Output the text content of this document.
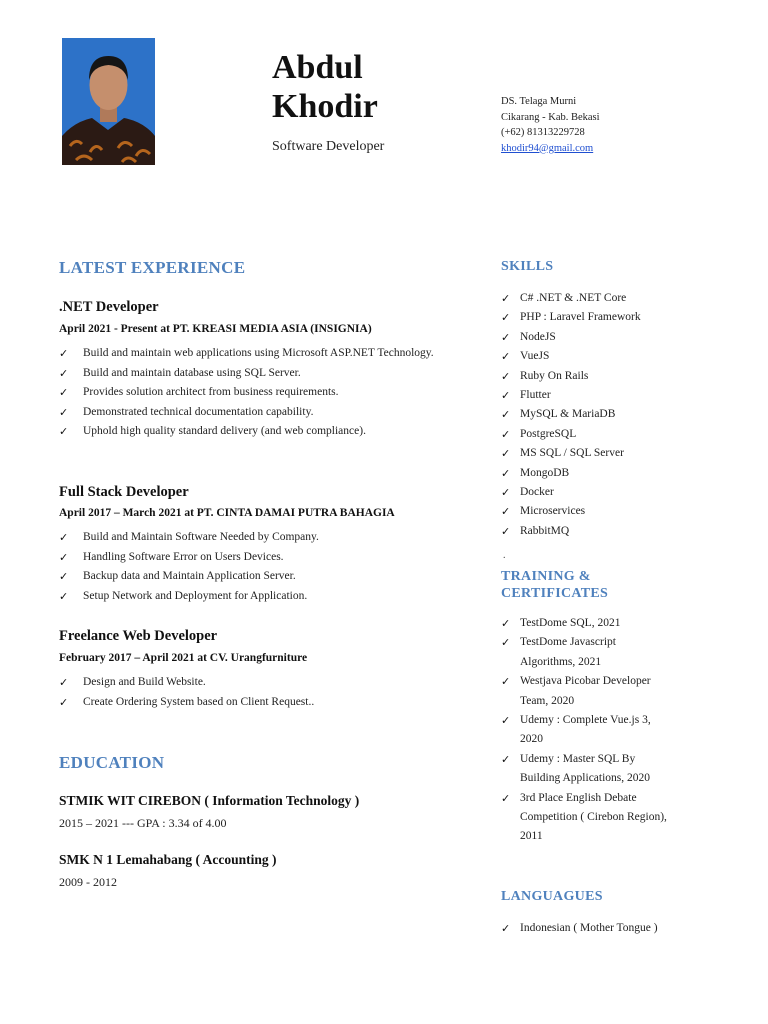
Abdul
Khodir
Software Developer
DS. Telaga Murni
Cikarang - Kab. Bekasi
(+62) 81313229728
khodir94@gmail.com
LATEST EXPERIENCE
.NET Developer
April 2021 - Present at PT. KREASI MEDIA ASIA (INSIGNIA)
✓ Build and maintain web applications using Microsoft ASP.NET Technology.
✓ Build and maintain database using SQL Server.
✓ Provides solution architect from business requirements.
✓ Demonstrated technical documentation capability.
✓ Uphold high quality standard delivery (and web compliance).
Full Stack Developer
April 2017 – March 2021 at PT. CINTA DAMAI PUTRA BAHAGIA
✓ Build and Maintain Software Needed by Company.
✓ Handling Software Error on Users Devices.
✓ Backup data and Maintain Application Server.
✓ Setup Network and Deployment for Application.
Freelance Web Developer
February 2017 – April 2021 at CV. Urangfurniture
✓ Design and Build Website.
✓ Create Ordering System based on Client Request..
EDUCATION
STMIK WIT CIREBON ( Information Technology )
2015 – 2021 --- GPA : 3.34 of 4.00
SMK N 1 Lemahabang ( Accounting )
2009 - 2012
SKILLS
✓ C# .NET & .NET Core
✓ PHP : Laravel Framework
✓ NodeJS
✓ VueJS
✓ Ruby On Rails
✓ Flutter
✓ MySQL & MariaDB
✓ PostgreSQL
✓ MS SQL / SQL Server
✓ MongoDB
✓ Docker
✓ Microservices
✓ RabbitMQ
.
TRAINING &
CERTIFICATES
✓ TestDome SQL, 2021
✓ TestDome Javascript
Algorithms, 2021
✓ Westjava Picobar Developer
Team, 2020
✓ Udemy : Complete Vue.js 3,
2020
✓ Udemy : Master SQL By
Building Applications, 2020
✓ 3rd Place English Debate
Competition ( Cirebon Region),
2011
LANGUAGUES
✓ Indonesian ( Mother Tongue )
